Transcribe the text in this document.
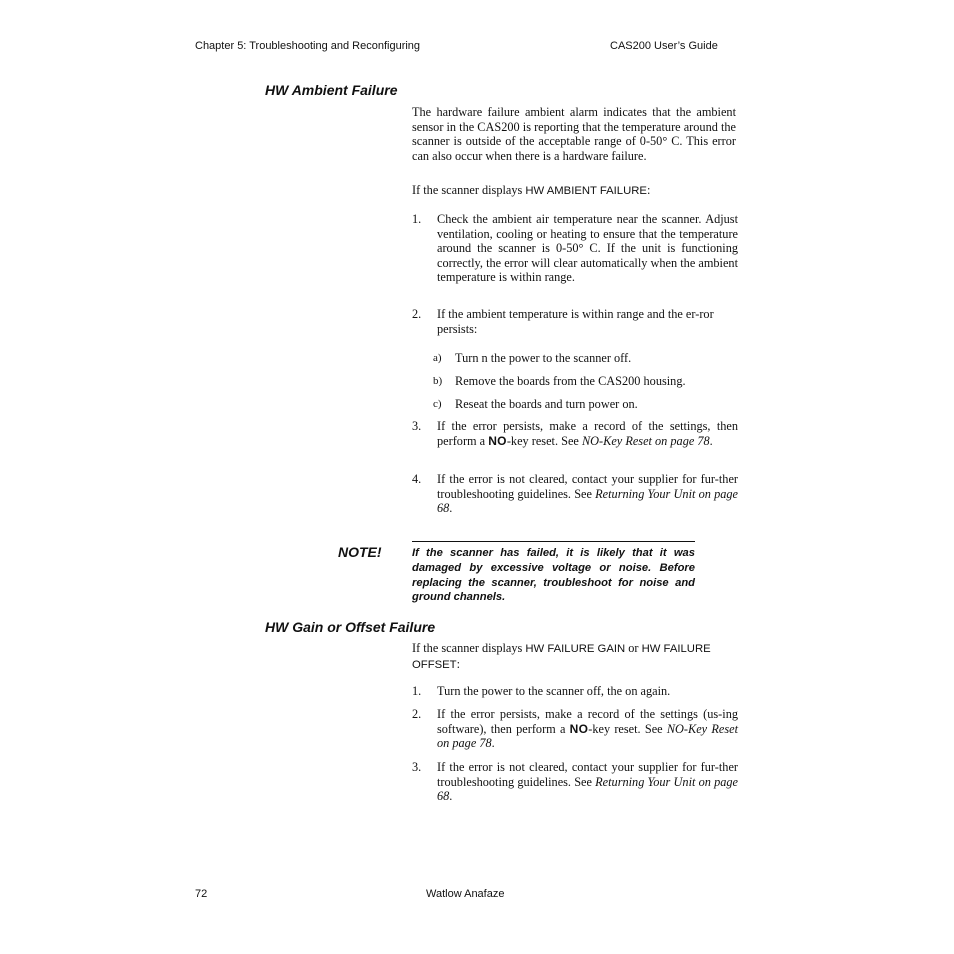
Chapter 5: Troubleshooting and Reconfiguring	CAS200 User’s Guide
HW Ambient Failure
The hardware failure ambient alarm indicates that the ambient sensor in the CAS200 is reporting that the temperature around the scanner is outside of the acceptable range of 0-50° C. This error can also occur when there is a hardware failure.
If the scanner displays HW AMBIENT FAILURE:
1. Check the ambient air temperature near the scanner. Adjust ventilation, cooling or heating to ensure that the temperature around the scanner is 0-50° C. If the unit is functioning correctly, the error will clear automatically when the ambient temperature is within range.
2. If the ambient temperature is within range and the er-ror persists:
a) Turn n the power to the scanner off.
b) Remove the boards from the CAS200 housing.
c) Reseat the boards and turn power on.
3. If the error persists, make a record of the settings, then perform a NO-key reset. See NO-Key Reset on page 78.
4. If the error is not cleared, contact your supplier for fur-ther troubleshooting guidelines. See Returning Your Unit on page 68.
NOTE!	If the scanner has failed, it is likely that it was damaged by excessive voltage or noise. Before replacing the scanner, troubleshoot for noise and ground channels.
HW Gain or Offset Failure
If the scanner displays HW FAILURE GAIN or HW FAILURE OFFSET:
1. Turn the power to the scanner off, the on again.
2. If the error persists, make a record of the settings (us-ing software), then perform a NO-key reset. See NO-Key Reset on page 78.
3. If the error is not cleared, contact your supplier for fur-ther troubleshooting guidelines. See Returning Your Unit on page 68.
72	Watlow Anafaze
